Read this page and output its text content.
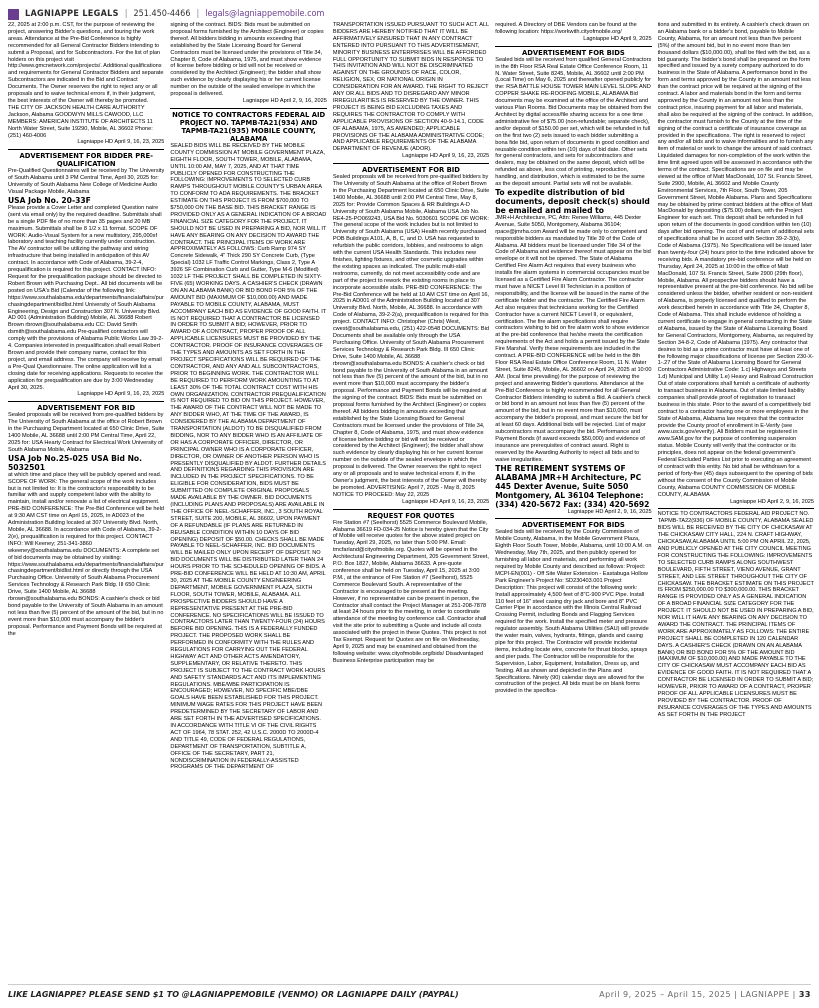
LAGNIAPPE LEGALS | 251.450-4466 | legals@lagniappemobile.com

22, 2025 at 2:00 p.m. CST, for the purpose of reviewing the project, answering Bidder's questions, and touring the work areas. Attendance at the Pre-Bid Conference is highly recommended for all General Contractor Bidders intending to submit a Proposal, and for Subcontractors. For the list of plan holders on this project visit http://www.gmcnetwork.com/projects/. Additional qualifications and requirements for General Contractor Bidders and separate Subcontractors are indicated in the Bid and Contract Documents. The Owner reserves the right to reject any or all proposals and to waive technical errors if, in their judgment, the best interests of the Owner will thereby be promoted.

THE CITY OF JACKSON HEALTH CARE AUTHORITY Jackson, Alabama GOODWYN MILLS CAWOOD, LLC MEMBERS: AMERICAN INSTITUTE OF ARCHITECTS 11 North Water Street, Suite 19290, Mobile, AL 36602 Phone: (251) 460-4006

Lagniappe HD April 9, 16, 23, 2025

ADVERTISEMENT FOR BIDDER PRE-QUALIFICATION

Pre-Qualified Questionnaires will be received by The University of South Alabama until 3 PM Central Time, April 30, 2025 for: University of South Alabama New College of Medicine Audio Visual Package Mobile, Alabama

USA Job No. 20-33F

Please provide a Cover Letter and completed Question naire (sent via email only) by the required deadline. Submittals shall be a single PDF file of no more than 35 pages and 20 MB maximum. Submittals shall be 8 1/2 x 11 format. SCOPE OF WORK: Audio-Visual System for a new multistory, 295,000sf laboratory and teaching facility currently under construction. The AV contractor will be utilizing the pathway and wiring infrastructure that being installed in anticipation of this AV contract. In accordance with Code of Alabama, 39-2-4, prequalification is required for this project. CONTACT INFO: Request for the prequalification package should be directed to Robert Brown with Purchasing Dept.. All bid documents will be posted on USA's Bid (Calendar of the following link: https://www.southalabama.edu/departments/financialaffairs/purchasingdepartment/bidlist.html University of South Alabama Engineering, Design and Construction 307 N. University Blvd. AD 001 (Administration Building) Mobile, AL 36688 Robert Brown rbrown@southalabama.edu CC: David Smith dsmith@southalabama.edu Pre-qualified contractors will comply with the provisions of Alabama Public Works Law 39-2-4. Companies interested in prequalification shall email Robert Brown and provide their company name, contact for this project, and email address. The company will receive by email a Pre-Qual Questionnaire. The online application will list a closing date for receiving applications. Requests to receive the application for prequalification are due by 3:00 Wednesday April 30, 2025.

Lagniappe HD April 9, 16, 23, 2025

ADVERTISEMENT FOR BID

Sealed proposals will be received from pre-qualified bidders by The University of South Alabama at the office of Robert Brown in the Purchasing Department located at 650 Clinic Drive, Suite 1400 Mobile, AL 36688 until 2:00 PM Central Time, April 22, 2025 for: USA Hearty Contract for Electrical Work University of South Alabama Mobile, Alabama

USA Job No.25-025 USA Bid No. 5032501

at which time and place they will be publicly opened and read. SCOPE OF WORK: The general scope of the work includes but is not limited to: It is the contractor's responsibility to be familiar with and supply competent labor with the ability to maintain, install and/or renovate a list of electrical equipment. PRE-BID CONFERENCE: The Pre-Bid Conference will be held at 9:30 AM CST time on April 15, 2025, in AD023 of the Administration Building located at 307 University Blvd. North, Mobile, AL 36688. In accordance with Code of Alabama, 39-2-2(e), prequalification is required for this project. CONTACT INFO: Will Keeney; 251-341-3860 wkeeney@southalabama.edu DOCUMENTS: A complete set of bid documents may be obtained by visiting: https://www.southalabama.edu/departments/financialaffairs/purchasingdepartment/bidlist.html or directly through the USA Purchasing Office. University of South Alabama Procurement Services Technology & Research Park Bldg. III 650 Clinic Drive, Suite 1400 Mobile, AL 36688 rbrown@southalabama.edu BONDS: A cashier's check or bid bond payable to the University of South Alabama in an amount not less than five (5) percent of the amount of the bid, but in no event more than $10,000 must accompany the bidder's proposal. Performance and Payment Bonds will be required at the

signing of the contract. BIDS: Bids must be submitted on proposal forms furnished by the Architect (Engineer) or copies thereof. All bidders bidding in amounts exceeding that established by the State Licensing Board for General Contractors must be licensed under the provisions of Title 34, Chapter 8, Code of Alabama, 1975, and must show evidence of license before bidding or bid will not be received or considered by the Architect (Engineer); the bidder shall show such evidence by clearly displaying his or her current license number on the outside of the sealed envelope in which the proposal is delivered.

Lagniappe HD April 2, 9, 16, 2025

NOTICE TO CONTRACTORS FEDERAL AID PROJECT NO. TAPMB-TA21(934) AND TAPMB-TA21(935) MOBILE COUNTY, ALABAMA

SEALED BIDS WILL BE RECEIVED BY THE MOBILE COUNTY COMMISSION AT MOBILE GOVERNMENT PLAZA, EIGHTH FLOOR, SOUTH TOWER, MOBILE, ALABAMA, UNTIL 10:00 AM, MAY 7, 2025, AND AT THAT TIME PUBLICLY OPENED FOR CONSTRUCTING THE FOLLOWING: IMPROVEMENTS TO SELECTED CURB RAMPS THROUGHOUT MOBILE COUNTY'S URBAN AREA TO CONFORM TO ADA REQUIREMENTS. THE BRACKET ESTIMATE ON THIS PROJECT IS FROM $700,000 TO $750,000 ON THE BASE BID. THIS BRACKET RANGE IS PROVIDED ONLY AS A GENERAL INDICATION OF A BROAD FINANCIAL SIZE CATEGORY FOR THE PROJECT. IT SHOULD NOT BE USED IN PREPARING A BID, NOR WILL IT HAVE ANY BEARING ON ANY DECISION TO AWARD THE CONTRACT. THE PRINCIPAL ITEMS OF WORK ARE APPROXIMATELY AS FOLLOWS: Curb Ramp 974 SY Concrete Sidewalk, 4" Thick 290 SY Concrete Curb, (Type Special) 1032 LF Traffic Control Markings, Class 2, Type A 3926 SF Combination Curb and Gutter, Type M-6 (Modified) 1032 LF THE PROJECT SHALL BE COMPLETED IN SIXTY-FIVE (65) WORKING DAYS. A CASHIER'S CHECK (DRAWN ON AN ALABAMA BANK) OR BID BOND FOR 5% OF THE AMOUNT BID (MAXIMUM OF $10,000.00) AND MADE PAYABLE TO MOBILE COUNTY, ALABAMA, MUST ACCOMPANY EACH BID AS EVIDENCE OF GOOD FAITH. IT IS NOT REQUIRED THAT A CONTRACTOR BE LICENSED IN ORDER TO SUBMIT A BID; HOWEVER, PRIOR TO AWARD OF A CONTRACT, PROPER PROOF OF ALL APPLICABLE LICENSURES MUST BE PROVIDED BY THE CONTRACTOR. PROOF OF INSURANCE COVERAGES OF THE TYPES AND AMOUNTS AS SET FORTH IN THE PROJECT SPECIFICATIONS WILL BE REQUIRED OF THE CONTRACTOR, AND ANY AND ALL SUBCONTRACTORS, PRIOR TO BEGINNING WORK. THE CONTRACTOR WILL BE REQUIRED TO PERFORM WORK AMOUNTING TO AT LEAST 30% OF THE TOTAL CONTRACT COST WITH HIS OWN ORGANIZATION. CONTRACTOR PREQUALIFICATION IS NOT REQUIRED TO BID ON THIS PROJECT. HOWEVER, THE AWARD OF THE CONTRACT WILL NOT BE MADE TO ANY BIDDER WHO, AT THE TIME OF THE AWARD, IS CONSIDERED BY THE ALABAMA DEPARTMENT OF TRANSPORTATION (ALDOT) TO BE DISQUALIFIED FROM BIDDING, NOR TO ANY BIDDER WHO IS AN AFFILIATE OF OR HAS A CORPORATE OFFICER, DIRECTOR, OR PRINCIPAL OWNER WHO IS A CORPORATE OFFICER, DIRECTOR, OR OWNER OF ANOTHER PERSON WHO IS PRESENTLY DISQUALIFIED BY ALDOT. FURTHER DETAILS AND DEFINITIONS REGARDING THIS PROVISION ARE INCLUDED IN THE PROJECT SPECIFICATIONS. TO BE ELIGIBLE FOR CONSIDERATION, BIDS MUST BE SUBMITTED ON COMPLETE ORIGINAL PROPOSALS MADE AVAILABLE BY THE OWNER. BID DOCUMENTS (INCLUDING PLANS AND PROPOSALS) ARE AVAILABLE IN THE OFFICE OF NEEL-SCHAFFER, INC., 3 SOUTH ROYAL STREET, SUITE 200, MOBILE, AL 36602, UPON PAYMENT OF A REFUNDABLE (IF PLANS ARE RETURNED IN REUSABLE CONDITION WITHIN 10 DAYS OF BID OPENING) DEPOSIT OF $50.00. CHECKS SHALL BE MADE PAYABLE TO NEEL-SCHAFFER, INC. BID DOCUMENTS WILL BE MAILED ONLY UPON RECEIPT OF DEPOSIT. NO BID DOCUMENTS WILL BE DISTRIBUTED LATER THAN 24 HOURS PRIOR TO THE SCHEDULED OPENING OF BIDS. A PRE-BID CONFERENCE WILL BE HELD AT 10:30 AM, APRIL 30, 2025 AT THE MOBILE COUNTY ENGINEERING DEPARTMENT, MOBILE GOVERNMENT PLAZA, SIXTH FLOOR, SOUTH TOWER, MOBILE, ALABAMA. ALL PROSPECTIVE BIDDERS SHOULD HAVE A REPRESENTATIVE PRESENT AT THE PRE-BID CONFERENCE. NO SPECIFICATIONS WILL BE ISSUED TO CONTRACTORS LATER THAN TWENTY-FOUR (24) HOURS BEFORE BID OPENING. THIS IS A FEDERALLY FUNDED PROJECT. THE PROPOSED WORK SHALL BE PERFORMED IN CONFORMITY WITH THE RULES AND REGULATIONS FOR CARRYING OUT THE FEDERAL HIGHWAY ACT AND OTHER ACTS AMENDATORY, SUPPLEMENTARY, OR RELATIVE THERETO. THIS PROJECT IS SUBJECT TO THE CONTRACT WORK HOURS AND SAFETY STANDARDS ACT AND ITS IMPLEMENTING REGULATIONS. MBE/WBE PARTICIPATION IS ENCOURAGED; HOWEVER, NO SPECIFIC MBE/DBE GOALS HAVE BEEN ESTABLISHED FOR THIS PROJECT. MINIMUM WAGE RATES FOR THIS PROJECT HAVE BEEN PREDETERMINED BY THE SECRETARY OF LABOR AND ARE SET FORTH IN THE ADVERTISED SPECIFICATIONS. IN ACCORDANCE WITH TITLE VI OF THE CIVIL RIGHTS ACT OF 1964, 78 STAT. 252, 42 U.S.C. 2000D TO 2000D-4 AND TITLE 49, CODE OF FEDERAL REGULATIONS, DEPARTMENT OF TRANSPORTATION, SUBTITLE A, OFFICE OF THE SECRETARY, PART 21, NONDISCRIMINATION IN FEDERALLY-ASSISTED PROGRAMS OF THE DEPARTMENT OF

TRANSPORTATION ISSUED PURSUANT TO SUCH ACT. ALL BIDDERS ARE HEREBY NOTIFIED THAT IT WILL BE AFFIRMATIVELY ENSURED THAT IN ANY CONTRACT ENTERED INTO PURSUANT TO THIS ADVERTISEMENT, MINORITY BUSINESS ENTERPRISES WILL BE AFFORDED FULL OPPORTUNITY TO SUBMIT BIDS IN RESPONSE TO THIS INVITATION AND WILL NOT BE DISCRIMINATED AGAINST ON THE GROUNDS OF RACE, COLOR, RELIGION, SEX, OR NATIONAL ORIGIN IN CONSIDERATION FOR AN AWARD. THE RIGHT TO REJECT ANY OR ALL BIDS AND TO DISREGARD ANY MINOR IRREGULARITIES IS RESERVED BY THE OWNER. THIS PROJECT IS BEING BID EXCLUDING TAXES AND REQUIRES THE CONTRACTOR TO COMPLY WITH APPLICABLE PROVISIONS OF SECTION 40-9-14.1, CODE OF ALABAMA, 1975, AS AMENDED; APPLICABLE PROVISIONS OF THE ALABAMA ADMINISTRATIVE CODE; AND APPLICABLE REQUIREMENTS OF THE ALABAMA DEPARTMENT OF REVENUE (ADOR).

Lagniappe HD April 9, 16, 23, 2025

ADVERTISEMENT FOR BID

Sealed proposals will be received from pre-qualified bidders by The University of South Alabama at the office of Robert Brown in the Purchasing Department located at 650 Clinic Drive, Suite 1400 Mobile, AL 36688 until 2:00 PM Central Time, May 8, 2025 for: Provide Common Spaces & RR Buildings A-D University of South Alabama Mobile, Alabama USA Job No. RE4-25-PO069243, USA Bid No. 5030601 SCOPE OF WORK: The general scope of the work includes but is not limited to University of South Alabama (USA) Health recently purchased POB Buildings A101, A, B, C, and D. USA has requested to refurbish the public corridors, lobbies, and restrooms to align with the current USA Health Standards. This includes new finishes, lighting fixtures, and other cosmetic upgrades within the existing spaces as indicated. The public multi-stall restrooms, currently, do not meet accessibility code and are part of the project to rework the existing rooms in place to incorporate accessible stalls. PRE-BID CONFERENCE: The Pre-Bid Conference will be held at 10 AM CST time on April 16, 2025 in AD001 of the Administration Building located at 307 University Blvd. North, Mobile, AL 36688. In accordance with Code of Alabama, 39-2-2(a), prequalification is required for this project. CONTACT INFO: Christopher (Chris) West, cwest@southalabama.edu, (251) 422-0548 DOCUMENTS: Bid Documents shall be available only through the USA Purchasing Office. University of South Alabama Procurement Services Technology & Research Park Bldg. III 650 Clinic Drive, Suite 1400 Mobile, AL 36688 rbrown@southalabama.edu BONDS: A cashier's check or bid bond payable to the University of South Alabama in an amount not less than five (5) percent of the amount of the bid, but in no event more than $10,000 must accompany the bidder's proposal. Performance and Payment Bonds will be required at the signing of the contract. BIDS: Bids must be submitted on proposal forms furnished by the Architect (Engineer) or copies thereof. All bidders bidding in amounts exceeding that established by the State Licensing Board for General Contractors must be licensed under the provisions of Title 34, Chapter 8, Code of Alabama, 1975, and must show evidence of license before bidding or bid will not be received or considered by the Architect (Engineer); the bidder shall show such evidence by clearly displaying his or her current license number on the outside of the sealed envelope in which the proposal is delivered. The Owner reserves the right to reject any or all proposals and to waive technical errors if, in the Owner's judgment, the best interests of the Owner will thereby be promoted. ADVERTISING: April 7, 2025 - May 8, 2025 NOTICE TO PROCEED: May 22, 2025

Lagniappe HD April 9, 16, 23, 2025

REQUEST FOR QUOTES

Fire Station #7 (Seelhorst) 5525 Commerce Boulevard Mobile, Alabama 36619 FD-034-25 Notice is hereby given that the City of Mobile will receive quotes for the above stated project on Tuesday, April 29, 2025, no later than 5:00 PM. Email: tmcfarland@cityofmobile.org. Quotes will be opened in the Architectural Engineering Department, 205 Government Street, P.O. Box 1827, Mobile, Alabama 36633. A pre-quote conference shall be held on Tuesday, April 15, 2025 at 3:00 P.M., at the entrance of Fire Station #7 (Seelhorst), 5525 Commerce Boulevard South. A representative of the Contractor is encouraged to be present at the meeting. However, if no representative can be present in person, the Contractor shall contact the Project Manager at 251-208-7878 at least 24 hours prior to the meeting, in order to coordinate attendance of the meeting by conference call. Contractor shall visit the site prior to submitting a Quote and include all costs associated with the project in these Quotes. This project is not Tax Exempt. Request for Quotes are on file on Wednesday, April 9, 2025 and may be examined and obtained from the following website: www.cityofmobile.org/bids/ Disadvantaged Business Enterprise participation may be

required. A Directory of DBE Vendors can be found at the following location: https://workwith.cityofmobile.org/

Lagniappe HD April 9, 2025

ADVERTISEMENT FOR BIDS

Sealed bids will be received from qualified General Contractors in the 8th Floor RSA Real Estate Office Conference Room, 11 N. Water Street, Suite 8245, Mobile, AL 36602 until 2:00 PM (Local Time) on May 6, 2025 and thereafter opened publicly for the: RSA BATTLE HOUSE TOWER MAIN LEVEL SLOPE AND COPPER SHAKE RE-ROOFING MOBILE, ALABAMA Bid documents may be examined at the office of the Architect and various Plan Rooms. Bid Documents may be obtained from the Architect by digital access/file sharing access for a one time administrative fee of $75.00 (non-refundable; separate check), and/or deposit of $150.00 per set, which will be refunded in full on the first two (2) sets issued to each bidder submitting a bona fide bid, upon return of documents in good condition and reusable condition within ten (10) days of bid date. Other sets for general contractors, and sets for subcontractors and dealers, may be obtained on the same deposit, which will be refunded as above, less cost of printing, reproduction, handling, and distribution, which is estimated to be the same as the deposit amount. Partial sets will not be available.

To expedite distribution of bid documents, deposit check(s) should be emailed and mailed to

JMR+H Architecture, PC, Attn: Renee Williams, 445 Dexter Avenue, Suite 5050, Montgomery, Alabama 36104; rpace@jmrha.com Award will be made only to competent and responsible bidders as mandated by Title 39 of the Code of Alabama. All bidders must be licensed under Title 34 of the Code of Alabama and evidence thereof must appear on the bid envelope or it will not be opened. The State of Alabama Certified Fire Alarm Act requires that every business who installs fire alarm systems in commercial occupancies must be licensed as a Certified Fire Alarm Contractor. The contractor must have a NICET Level III Technician in a position of responsibility, and the license will be issued in the name of the certificate holder and the contractor. The Certified Fire Alarm Act also requires that technicians working for the Certified Contractor have a current NICET Level II, or equivalent, certification. The fire alarm specifications shall require contractors wishing to bid on fire alarm work to show evidence at the pre-bid conference that he/she meets the certification requirements of the Act and holds a permit issued by the State Fire Marshal. Verify these requirements are included in the contract. A PRE-BID CONFERENCE will be held in the 8th Floor RSA Real Estate Office Conference Room, 11 N. Water Street, Suite 8245, Mobile, AL 36602 on April 24, 2025 at 10:00 AM. (local time prevailing) for the purpose of reviewing the project and answering Bidder's questions. Attendance at the Pre-Bid Conference is highly recommended for all General Contractor Bidders intending to submit a Bid. A cashier's check or bid bond in an amount not less than five (5) percent of the amount of the bid, but in no event more than $10,000, must accompany the bidder's proposal, and must secure the bid for at least 60 days. Additional bids will be rejected. List of major subcontractors must accompany the bid. Performance and Payment Bonds (if award exceeds $50,000) and evidence of insurance are prerequisites of contract award. Right is reserved by the Awarding Authority to reject all bids and to waive irregularities.

THE RETIREMENT SYSTEMS OF ALABAMA JMR+H Architecture, PC 445 Dexter Avenue, Suite 5050 Montgomery, AL 36104 Telephone: (334) 420-5672 Fax: (334) 420-5692

Lagniappe HD April 2, 9, 16, 2025

ADVERTISEMENT FOR BIDS

Sealed bids will be received by the County Commission of Mobile County, Alabama, in the Mobile Government Plaza, Eighth Floor South Tower, Mobile, Alabama, until 10:00 A.M. on Wednesday, May 7th, 2025, and then publicly opened for furnishing all labor and materials, and performing all work required by Mobile County and described as follows: Project: MCPI-EN(001) - Off Site Water Extension - Eastabuga Hollow Park Engineer's Project No: SD230403.001 Project Description: This project will consist of the following work: Install approximately 4,500 feet of 8"C-900 PVC Pipe. Install 110 feet of 16" steel casing dry jack and bore and 8" PVC Carrier Pipe in accordance with the Illinois Central Railroad Crossing Permit, including Bonds and Flagging Services required for the work. Install the specified meter and pressure regulator assembly. South Alabama Utilities (SAU) will provide the water main, valves, hydrants, fittings, glands and casing pipe for this project. The Contractor will provide incidental items, including locate wire, concrete for thrust blocks, sprays and pier pads. The Contractor will be responsible for the Supervision, Labor, Equipment, Installation, Dress up, and Testing. All as shown and depicted in the Plans and Specifications. Ninety (90) calendar days are allowed for the construction of the project. All bids must be on blank forms provided in the specifica-

tions and submitted in its entirety. A cashier's check drawn on an Alabama bank or a bidder's bond, payable to Mobile County, Alabama, for an amount not less than five percent (5%) of the amount bid, but in no event more than ten thousand dollars ($10,000.00), shall be filed with the bid, as a bid guaranty. The bidder's bond shall be prepared on the form specified and issued by a surety company authorized to do business in the State of Alabama. A performance bond in the form and terms approved by the County in an amount not less than the contract price will be required at the signing of the contract. A labor and materials bond in the form and terms approved by the County in an amount not less than the contract price, insuring payment for all labor and materials, shall also be required at the signing of the contract. In addition, the contractor must furnish to the County at the time of the signing of the contract a certificate of insurance coverage as provided in the specifications. The right is reserved to reject any and/or all bids and to waive informalities and to furnish any item of material or work to change the amount of said contract. Liquidated damages for non-completion of the work within the time limit agreed upon will be assessed in accordance with the terms of the contract. Specifications are on file and may be viewed at the office of Matt MacDonald, 107 St. Francis Street, Suite 2900, Mobile, AL 36602 and Mobile County Environmental Services, 7th Floor, South Tower, 205 Government Street, Mobile Alabama. Plans and Specifications may be obtained by prime contract bidders at the office of Matt MacDonald by depositing ($75.00) dollars, with the Project Engineer for each set. This deposit shall be refunded in full upon return of the documents in good condition within ten (10) days after bid opening. The cost of and return of additional sets of specifications shall be in accord with Section 39-2-3(b), Code of Alabama (1975). No Specifications will be issued later than twenty-four (24) hours prior to the time indicated above for receiving bids. A mandatory pre-bid conference will be held on Thursday, April 24, 2025 at 10:00 in the office of Matt MacDonald, 107 St. Francis Street, Suite 2900 (29th floor), Mobile, Alabama. All prospective bidders should have a representative present at the pre-bid conference. No bid will be considered unless the bidder, whether resident or non-resident of Alabama, is properly licensed and qualified to perform the work described herein in accordance with Title 34, Chapter 8, Code of Alabama. This shall include evidence of holding a current certificate to engage in general contracting in the State of Alabama, issued by the State of Alabama Licensing Board for General Contractors, Montgomery, Alabama, as required by Section 34-8-2, Code of Alabama (1975). Any contractor that desires to bid as a prime contractor must have at least one of the following major classifications of license per Section 230-X-1-.27 of the State of Alabama Licensing Board for General Contractors Administrative Code: 1.c) Highways and Streets 1.d) Municipal and Utility 1.e) Heavy and Railroad Construction Out of state corporations shall furnish a certificate of authority to transact business in Alabama. Out of state limited liability companies shall provide proof of registration to transact business in this state. Prior to the award of a competitively bid contract to a contractor having one or more employees in the State of Alabama, Alabama law requires that the contractor provide the County proof of enrollment in E-Verify (see www.uscis.gov/everify). All Bidders must be registered in www.SAM.gov for the purpose of confirming suspension status. Mobile County will verify that the contractor or its principles, does not appear on the federal government's Federal Excluded Parties List prior to executing an agreement of contract with this entity. No bid shall be withdrawn for a period of forty-five (45) days subsequent to the opening of bids without the consent of the County Commission of Mobile County, Alabama COUNTY COMMISSION OF MOBILE COUNTY, ALABAMA

Lagniappe HD April 2, 9, 16, 2025

NOTICE TO CONTRACTORS FEDERAL AID PROJECT NO. TAPMB-TA22(936) OF MOBILE COUNTY, ALABAMA SEALED BIDS WILL BE RECEIVED BY THE CITY OF CHICKASAW AT THE CHICKASAW CITY HALL, 224 N. CRAFT HIGHWAY, CHICKASAW,ALABAMA UNTIL 5:00 PM ON APRIL 22, 2025, AND PUBLICLY OPENED AT THE CITY COUNCIL MEETING FOR CONSTRUCTING THE FOLLOWING: IMPROVEMENTS TO SELECTED CURB RAMPS ALONG SOUTHWEST BOULEVARD, FIFTH STREET, VIENO AVENUE, GRANT STREET, AND LEE STREET THROUGHOUT THE CITY OF CHICKASAW. THE BRACKET ESTIMATE ON THIS PROJECT IS FROM $250,000.00 TO $300,000.00. THIS BRACKET RANGE IS PROVIDED ONLY AS A GENERAL INDICATION OF A BROAD FINANCIAL SIZE CATEGORY FOR THE PROJECT. IT SHOULD NOT BE USED IN PREPARING A BID, NOR WILL IT HAVE ANY BEARING ON ANY DECISION TO AWARD THE CONTRACT. THE PRINCIPAL ITEMS OF WORK ARE APPROXIMATELY AS FOLLOWS: THE ENTIRE PROJECT SHALL BE COMPLETED IN 120 CALENDAR DAYS. A CASHIER'S CHECK (DRAWN ON AN ALABAMA BANK) OR BID BOND FOR 5% OF THE AMOUNT BID (MAXIMUM OF $10,000.00) AND MADE PAYABLE TO THE CITY OF CHICKASAW MUST ACCOMPANY EACH BID AS EVIDENCE OF GOOD FAITH. IT IS NOT REQUIRED THAT A CONTRACTOR BE LICENSED IN ORDER TO SUBMIT A BID; HOWEVER, PRIOR TO AWARD OF A CONTRACT, PROPER PROOF OF ALL APPLICABLE LICENSURES MUST BE PROVIDED BY THE CONTRACTOR. PROOF OF INSURANCE COVERAGES OF THE TYPES AND AMOUNTS AS SET FORTH IN THE PROJECT

LIKE LAGNIAPPE? PLEASE SEND $1 TO @LAGNIAPPEMOBILE (VENMO) OR LAGNIAPPE DAILY (PAYPAL)	April 9, 2025 – April 15, 2025 | LAGNIAPPE | 33
